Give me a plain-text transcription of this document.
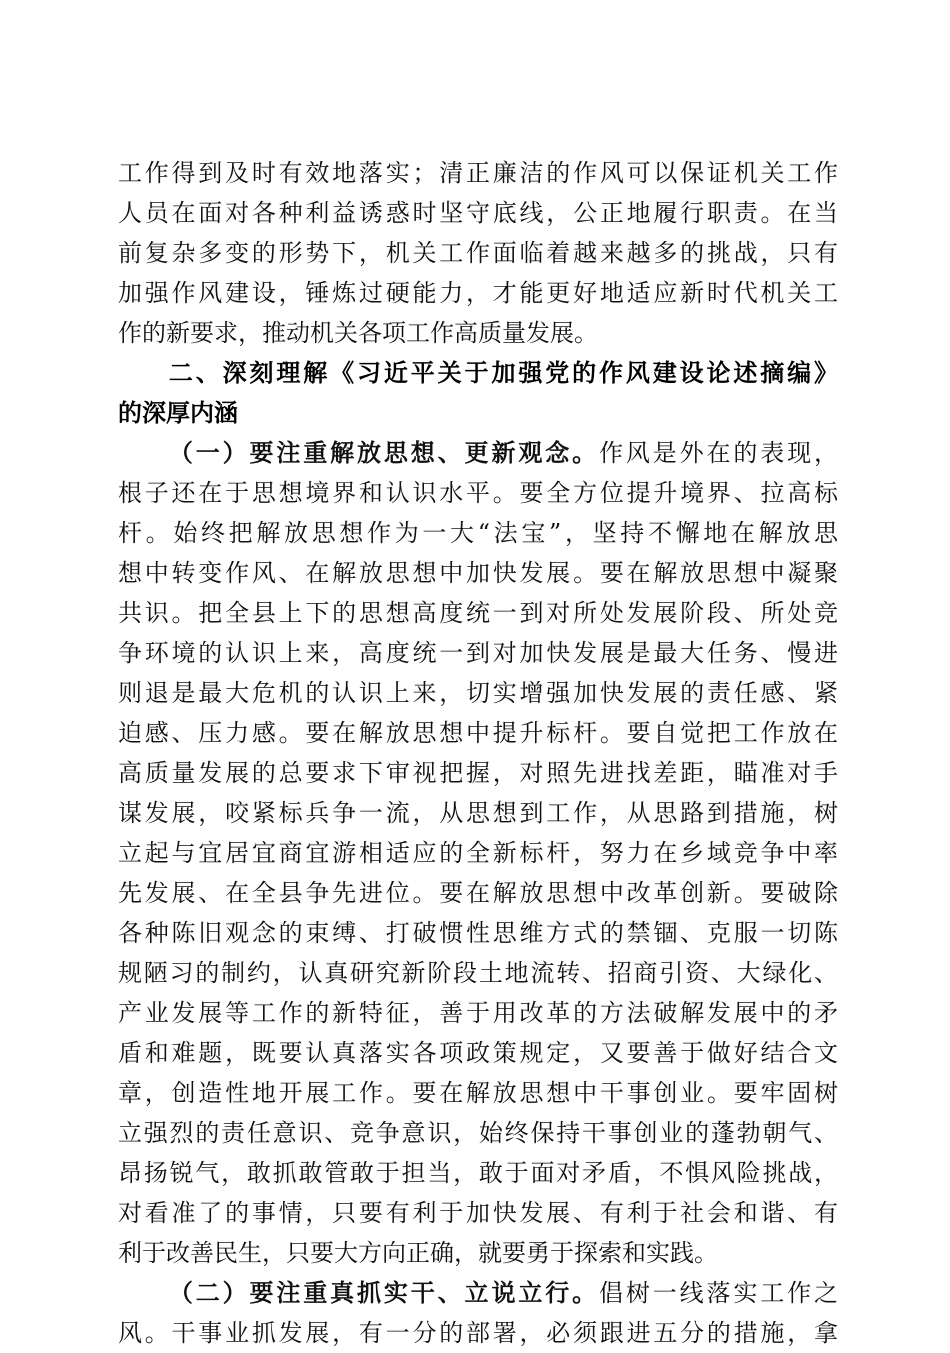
工作得到及时有效地落实；清正廉洁的作风可以保证机关工作
人员在面对各种利益诱惑时坚守底线，公正地履行职责。在当
前复杂多变的形势下，机关工作面临着越来越多的挑战，只有
加强作风建设，锤炼过硬能力，才能更好地适应新时代机关工
作的新要求，推动机关各项工作高质量发展。
二、深刻理解《习近平关于加强党的作风建设论述摘编》
的深厚内涵
（一）要注重解放思想、更新观念。作风是外在的表现，
根子还在于思想境界和认识水平。要全方位提升境界、拉高标
杆。始终把解放思想作为一大“法宝”，坚持不懈地在解放思
想中转变作风、在解放思想中加快发展。要在解放思想中凝聚
共识。把全县上下的思想高度统一到对所处发展阶段、所处竞
争环境的认识上来，高度统一到对加快发展是最大任务、慢进
则退是最大危机的认识上来，切实增强加快发展的责任感、紧
迫感、压力感。要在解放思想中提升标杆。要自觉把工作放在
高质量发展的总要求下审视把握，对照先进找差距，瞄准对手
谋发展，咬紧标兵争一流，从思想到工作，从思路到措施，树
立起与宜居宜商宜游相适应的全新标杆，努力在乡域竞争中率
先发展、在全县争先进位。要在解放思想中改革创新。要破除
各种陈旧观念的束缚、打破惯性思维方式的禁锢、克服一切陈
规陋习的制约，认真研究新阶段土地流转、招商引资、大绿化、
产业发展等工作的新特征，善于用改革的方法破解发展中的矛
盾和难题，既要认真落实各项政策规定，又要善于做好结合文
章，创造性地开展工作。要在解放思想中干事创业。要牢固树
立强烈的责任意识、竞争意识，始终保持干事创业的蓬勃朝气、
昂扬锐气，敢抓敢管敢于担当，敢于面对矛盾，不惧风险挑战，
对看准了的事情，只要有利于加快发展、有利于社会和谐、有
利于改善民生，只要大方向正确，就要勇于探索和实践。
（二）要注重真抓实干、立说立行。倡树一线落实工作之
风。干事业抓发展，有一分的部署，必须跟进五分的措施，拿
